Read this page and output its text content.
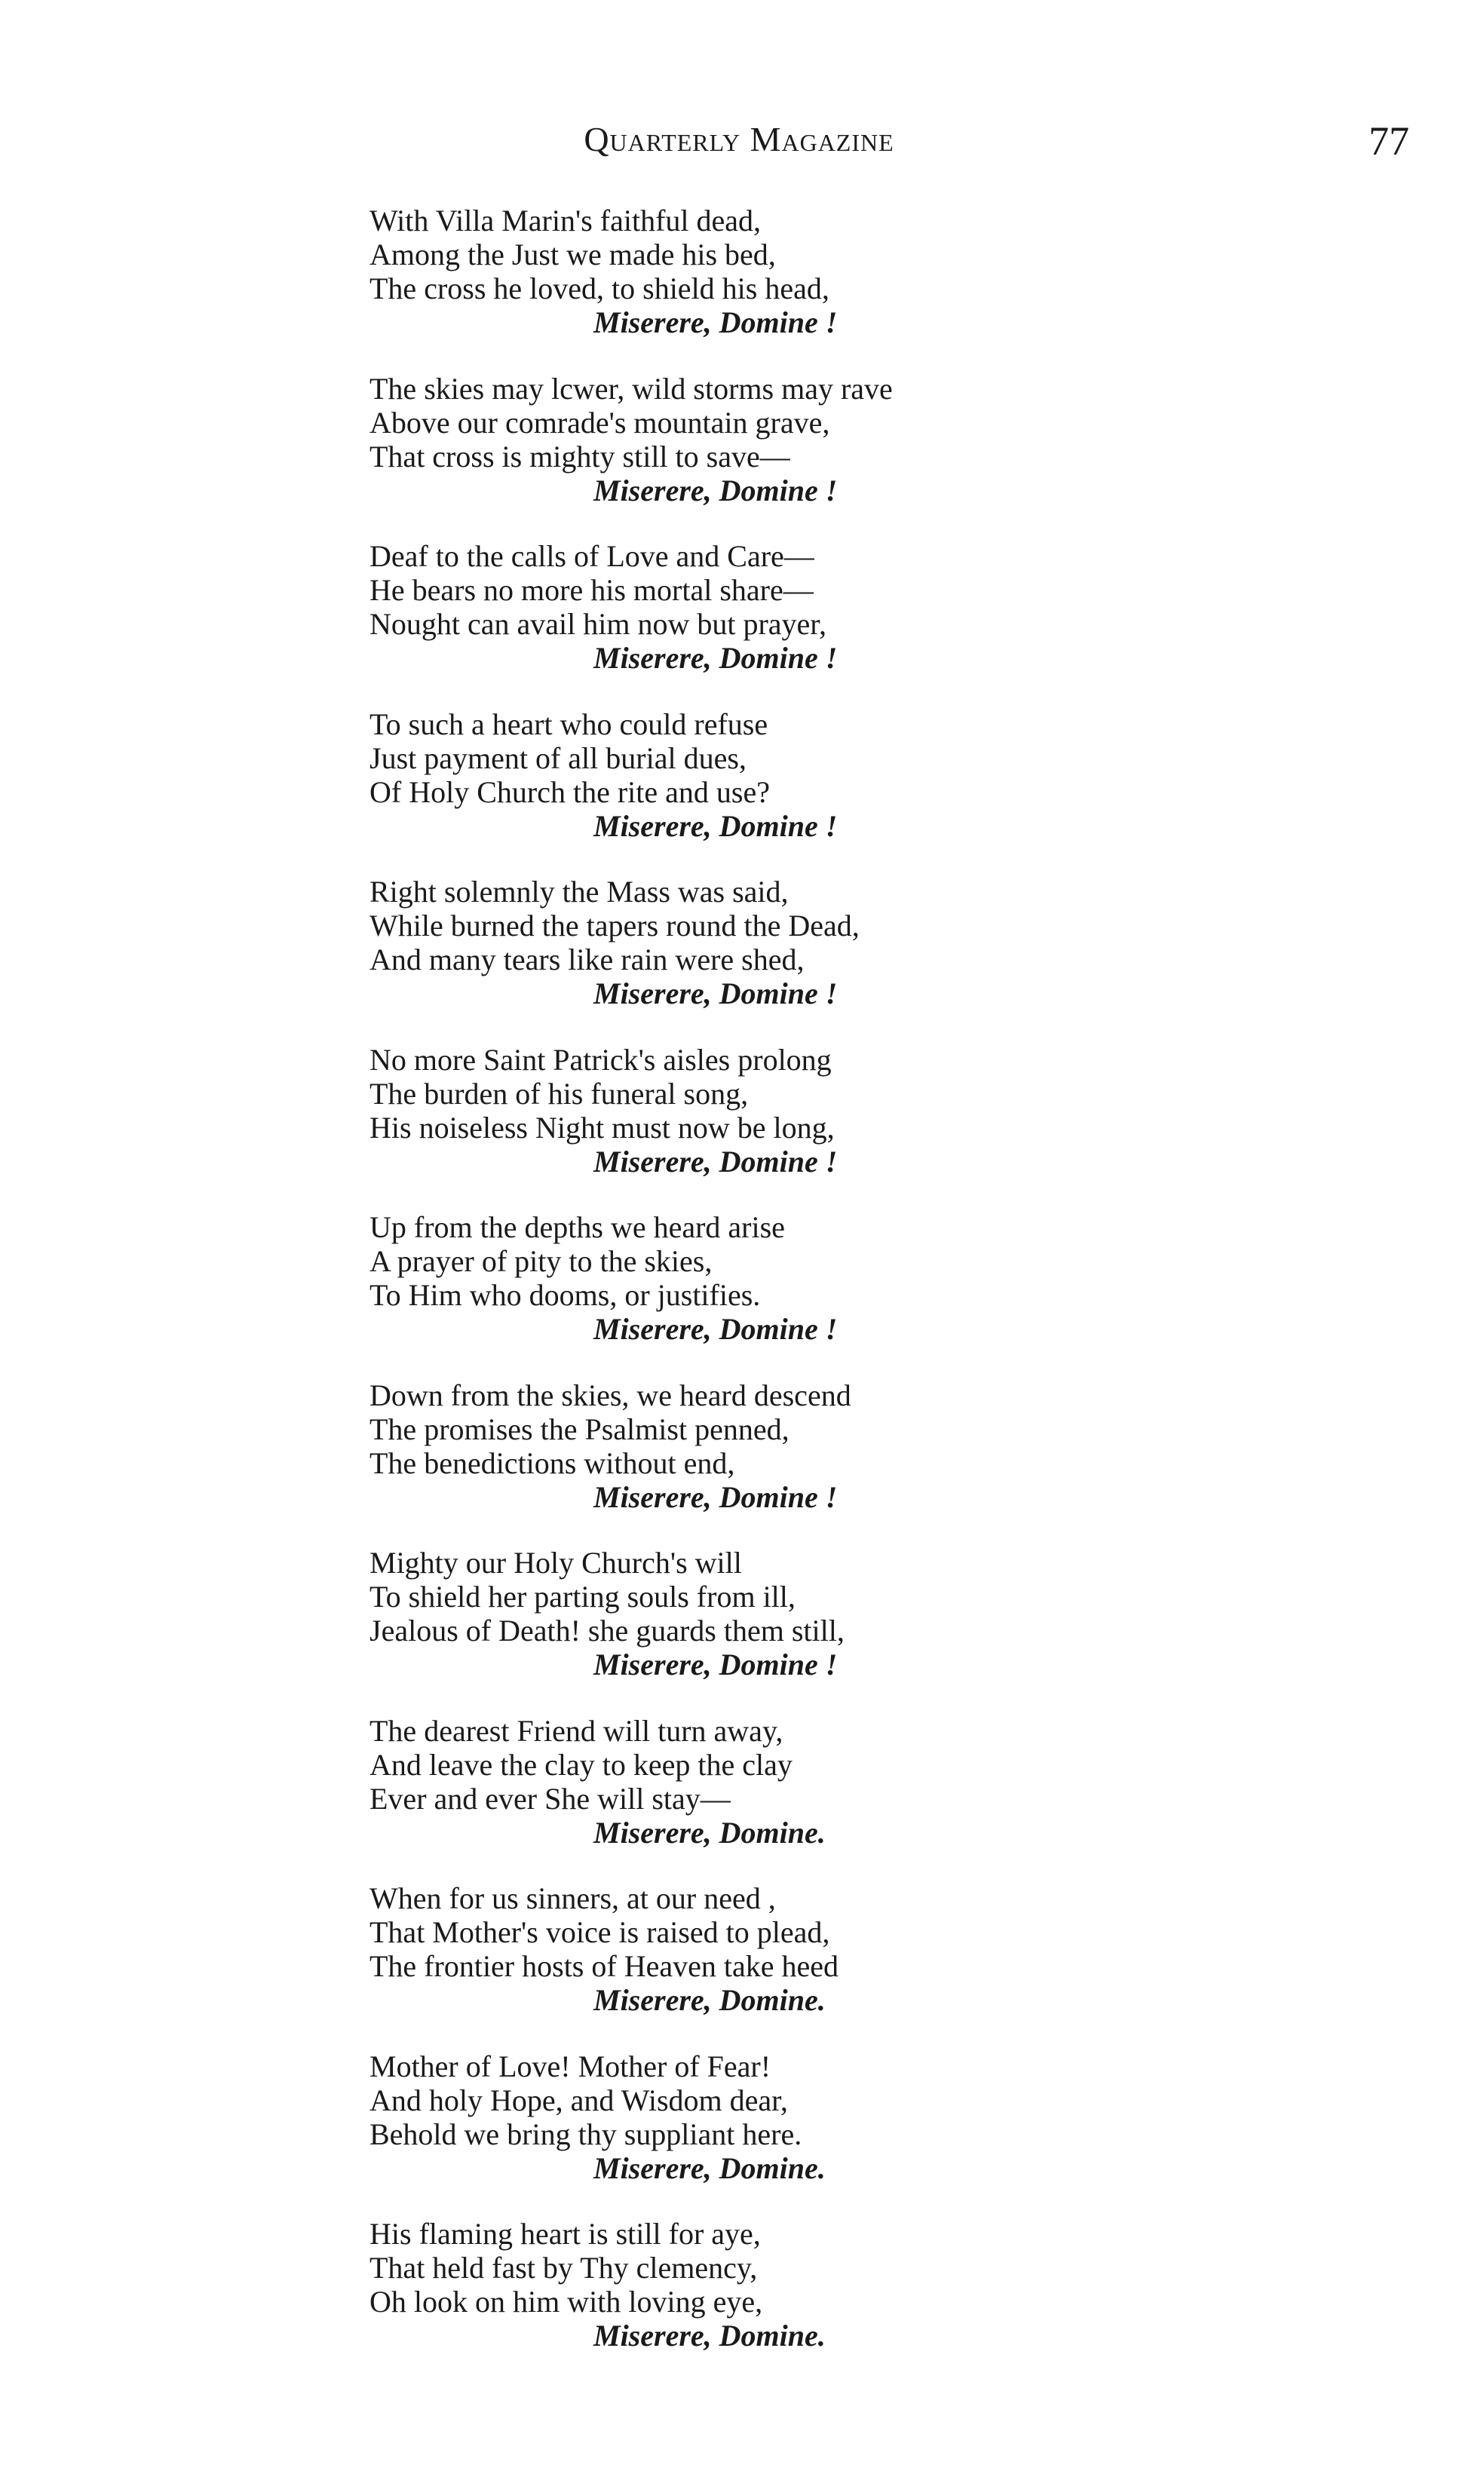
Quarterly Magazine	77
With Villa Marin's faithful dead,
Among the Just we made his bed,
The cross he loved, to shield his head,
Miserere, Domine !
The skies may lcwer, wild storms may rave
Above our comrade's mountain grave,
That cross is mighty still to save—
Miserere, Domine !
Deaf to the calls of Love and Care—
He bears no more his mortal share—
Nought can avail him now but prayer,
Miserere, Domine !
To such a heart who could refuse
Just payment of all burial dues,
Of Holy Church the rite and use?
Miserere, Domine !
Right solemnly the Mass was said,
While burned the tapers round the Dead,
And many tears like rain were shed,
Miserere, Domine !
No more Saint Patrick's aisles prolong
The burden of his funeral song,
His noiseless Night must now be long,
Miserere, Domine !
Up from the depths we heard arise
A prayer of pity to the skies,
To Him who dooms, or justifies.
Miserere, Domine !
Down from the skies, we heard descend
The promises the Psalmist penned,
The benedictions without end,
Miserere, Domine !
Mighty our Holy Church's will
To shield her parting souls from ill,
Jealous of Death! she guards them still,
Miserere, Domine !
The dearest Friend will turn away,
And leave the clay to keep the clay
Ever and ever She will stay—
Miserere, Domine.
When for us sinners, at our need ,
That Mother's voice is raised to plead,
The frontier hosts of Heaven take heed
Miserere, Domine.
Mother of Love! Mother of Fear!
And holy Hope, and Wisdom dear,
Behold we bring thy suppliant here.
Miserere, Domine.
His flaming heart is still for aye,
That held fast by Thy clemency,
Oh look on him with loving eye,
Miserere, Domine.
